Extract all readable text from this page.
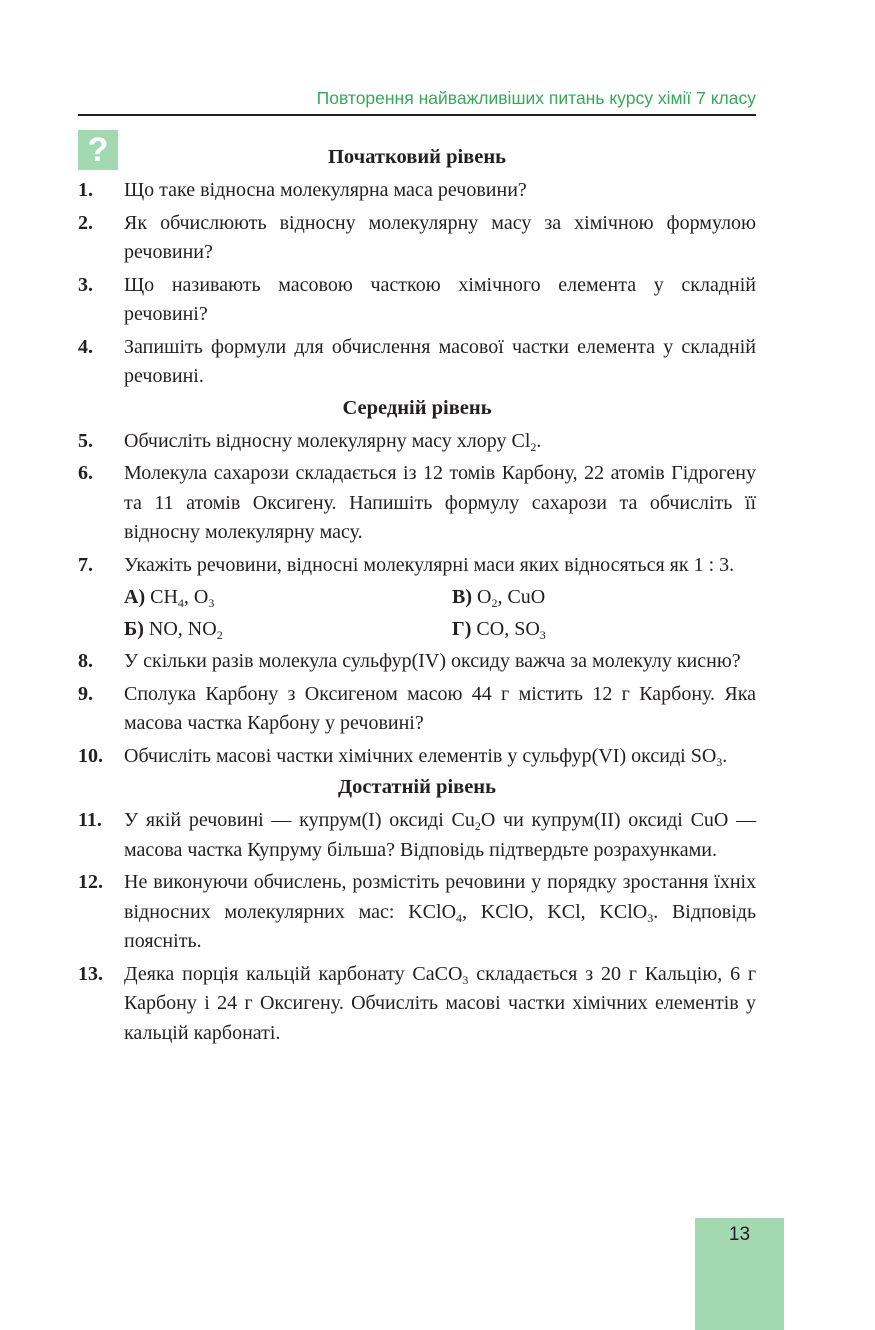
Повторення найважливіших питань курсу хімії 7 класу
?	Початковий рівень
1. Що таке відносна молекулярна маса речовини?
2. Як обчислюють відносну молекулярну масу за хімічною формулою речовини?
3. Що називають масовою часткою хімічного елемента у складній речовині?
4. Запишіть формули для обчислення масової частки елемента у складній речовині.
Середній рівень
5. Обчисліть відносну молекулярну масу хлору $Cl_2$.
6. Молекула сахарози складається із 12 томів Карбону, 22 атомів Гідрогену та 11 атомів Оксигену. Напишіть формулу сахарози та обчисліть її відносну молекулярну масу.
7. Укажіть речовини, відносні молекулярні маси яких відносяться як 1 : 3.
А) $CH_4$, $O_3$	В) $O_2$, CuO
Б) NO, $NO_2$	Г) CO, $SO_3$
8. У скільки разів молекула сульфур(IV) оксиду важча за молекулу кисню?
9. Сполука Карбону з Оксигеном масою 44 г містить 12 г Карбону. Яка масова частка Карбону у речовині?
10. Обчисліть масові частки хімічних елементів у сульфур(VI) оксиді $SO_3$.
Достатній рівень
11. У якій речовині — купрум(I) оксиді $Cu_2O$ чи купрум(II) оксиді CuO — масова частка Купруму більша? Відповідь підтвердьте розрахунками.
12. Не виконуючи обчислень, розмістіть речовини у порядку зростання їхніх відносних молекулярних мас: KClO$_4$, KClO, KCl, KClO$_3$. Відповідь поясніть.
13. Деяка порція кальцій карбонату CaCO$_3$ складається з 20 г Кальцію, 6 г Карбону і 24 г Оксигену. Обчисліть масові частки хімічних елементів у кальцій карбонаті.
13
